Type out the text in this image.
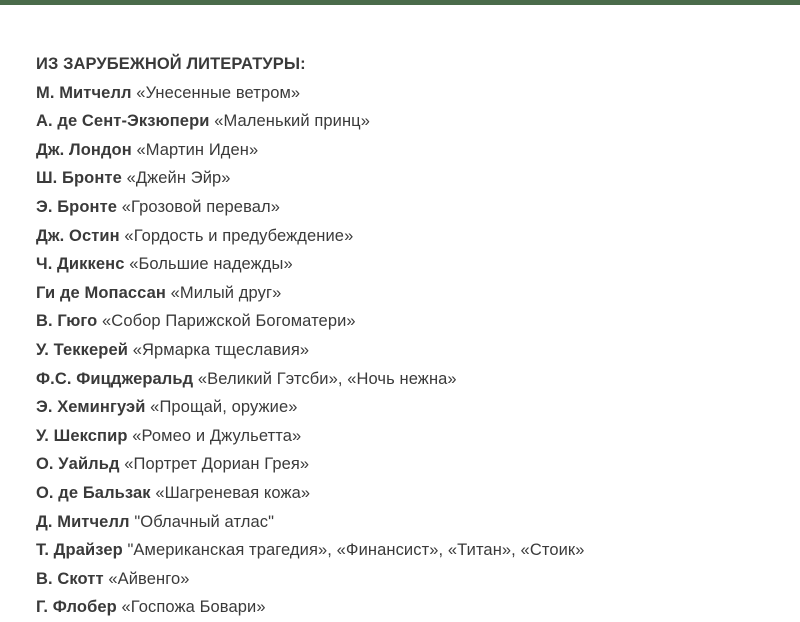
ИЗ ЗАРУБЕЖНОЙ ЛИТЕРАТУРЫ:
М. Митчелл «Унесенные ветром»
А. де Сент-Экзюпери «Маленький принц»
Дж. Лондон «Мартин Иден»
Ш. Бронте «Джейн Эйр»
Э. Бронте «Грозовой перевал»
Дж. Остин «Гордость и предубеждение»
Ч. Диккенс «Большие надежды»
Ги де Мопассан «Милый друг»
В. Гюго «Собор Парижской Богоматери»
У. Теккерей «Ярмарка тщеславия»
Ф.С. Фицджеральд «Великий Гэтсби», «Ночь нежна»
Э. Хемингуэй «Прощай, оружие»
У. Шекспир «Ромео и Джульетта»
О. Уайльд «Портрет Дориан Грея»
О. де Бальзак «Шагреневая кожа»
Д. Митчелл "Облачный атлас"
Т. Драйзер "Американская трагедия», «Финансист», «Титан», «Стоик»
В. Скотт «Айвенго»
Г. Флобер «Госпожа Бовари»
